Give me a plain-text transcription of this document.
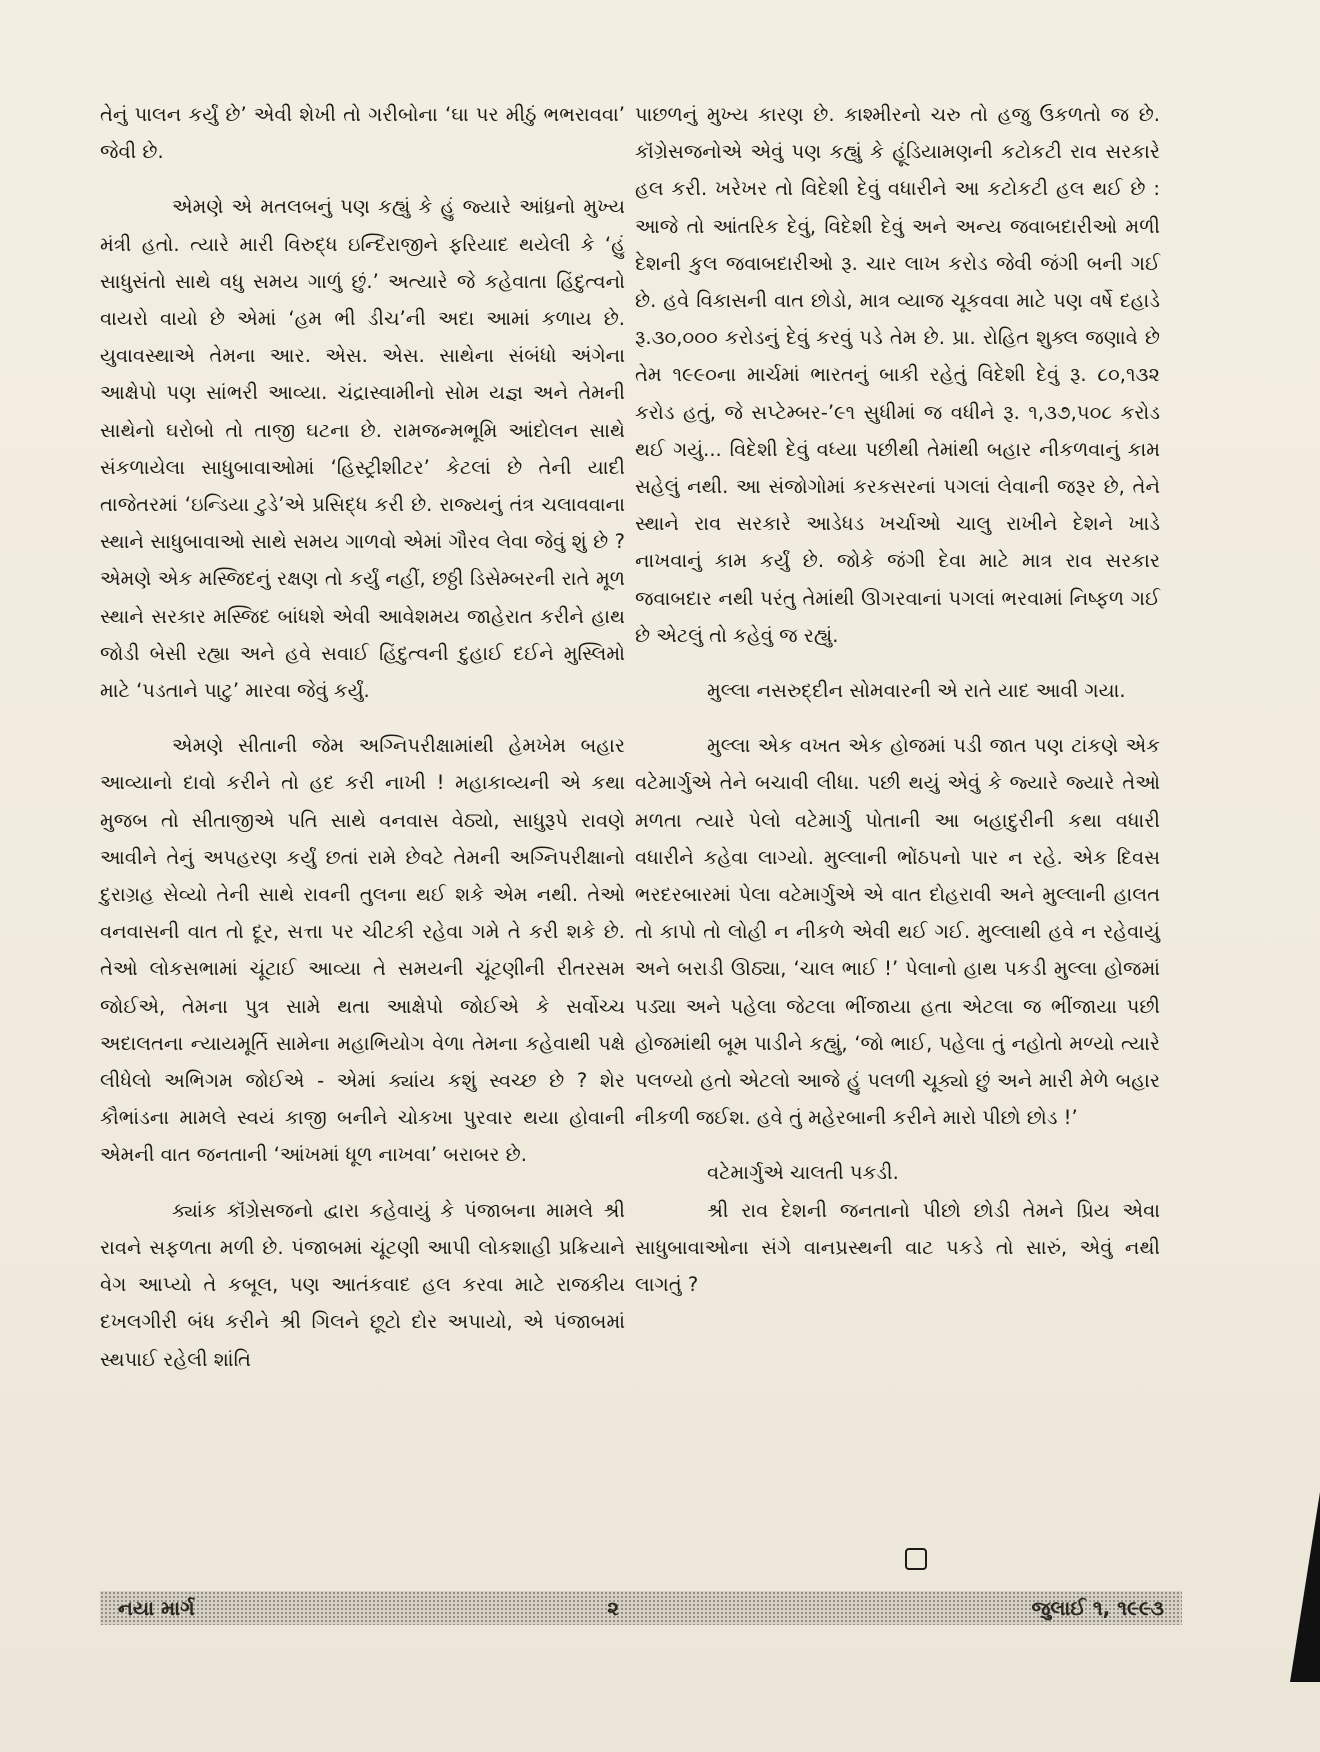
તેનું પાલન કર્યું છે’ એવી શેખી તો ગરીબોના ‘ઘા પર મીઠું ભભરાવવા’ જેવી છે.

એમણે એ મતલબનું પણ કહ્યું કે હું જ્યારે આંધ્રનો મુખ્ય મંત્રી હતો. ત્યારે મારી વિરુદ્ધ ઇન્દિરાજીને ફરિયાદ થયેલી કે ‘હું સાધુસંતો સાથે વધુ સમય ગાળું છું.’ અત્યારે જે કહેવાતા હિંદુત્વનો વાયરો વાયો છે એમાં ‘હમ ભી ડીચ’ની અદા આમાં કળાય છે. યુવાવસ્થાએ તેમના આર. એસ. એસ. સાથેના સંબંધો અંગેના આક્ષેપો પણ સાંભરી આવ્યા. ચંદ્રાસ્વામીનો સોમ યજ્ઞ અને તેમની સાથેનો ઘરોબો તો તાજી ઘટના છે. રામજન્મભૂમિ આંદોલન સાથે સંકળાયેલા સાધુબાવાઓમાં ‘હિસ્ટ્રીશીટર’ કેટલાં છે તેની યાદી તાજેતરમાં ‘ઇન્ડિયા ટુડે’એ પ્રસિદ્ધ કરી છે. રાજ્યનું તંત્ર ચલાવવાના સ્થાને સાધુબાવાઓ સાથે સમય ગાળવો એમાં ગૌરવ લેવા જેવું શું છે ? એમણે એક મસ્જિદનું રક્ષણ તો કર્યું નહીં, છઠ્ઠી ડિસેમ્બરની રાતે મૂળ સ્થાને સરકાર મસ્જિદ બાંધશે એવી આવેશમય જાહેરાત કરીને હાથ જોડી બેસી રહ્યા અને હવે સવાઈ હિંદુત્વની દુહાઈ દઈને મુસ્લિમો માટે ‘પડતાને પાટુ’ મારવા જેવું કર્યું.

એમણે સીતાની જેમ અગ્નિપરીક્ષામાંથી હેમખેમ બહાર આવ્યાનો દાવો કરીને તો હદ કરી નાખી ! મહાકાવ્યની એ કથા મુજબ તો સીતાજીએ પતિ સાથે વનવાસ વેઠ્યો, સાધુરૂપે રાવણે આવીને તેનું અપહરણ કર્યું છતાં રામે છેવટે તેમની અગ્નિપરીક્ષાનો દુરાગ્રહ સેવ્યો તેની સાથે રાવની તુલના થઈ શકે એમ નથી. તેઓ વનવાસની વાત તો દૂર, સત્તા પર ચીટકી રહેવા ગમે તે કરી શકે છે. તેઓ લોકસભામાં ચૂંટાઈ આવ્યા તે સમયની ચૂંટણીની રીતરસમ જોઈએ, તેમના પુત્ર સામે થતા આક્ષેપો જોઈએ કે સર્વોચ્ચ અદાલતના ન્યાયમૂર્તિ સામેના મહાભિયોગ વેળા તેમના કહેવાથી પક્ષે લીધેલો અભિગમ જોઈએ - એમાં ક્યાંય કશું સ્વચ્છ છે ? શેર કૌભાંડના મામલે સ્વયં કાજી બનીને ચોકખા પુરવાર થયા હોવાની એમની વાત જનતાની ‘આંખમાં ધૂળ નાખવા’ બરાબર છે.

ક્યાંક કૉંગ્રેસજનો દ્વારા કહેવાયું કે પંજાબના મામલે શ્રી રાવને સફળતા મળી છે. પંજાબમાં ચૂંટણી આપી લોકશાહી પ્રક્રિયાને વેગ આપ્યો તે કબૂલ, પણ આતંકવાદ હલ કરવા માટે રાજકીય દખલગીરી બંધ કરીને શ્રી ગિલને છૂટો દોર અપાયો, એ પંજાબમાં સ્થપાઈ રહેલી શાંતિ

પાછળનું મુખ્ય કારણ છે. કાશ્મીરનો ચરુ તો હજુ ઉકળતો જ છે. કૉંગ્રેસજનોએ એવું પણ કહ્યું કે હૂંડિયામણની કટોકટી રાવ સરકારે હલ કરી. ખરેખર તો વિદેશી દેવું વધારીને આ કટોકટી હલ થઈ છે : આજે તો આંતરિક દેવું, વિદેશી દેવું અને અન્ય જવાબદારીઓ મળી દેશની કુલ જવાબદારીઓ રૂ. ચાર લાખ કરોડ જેવી જંગી બની ગઈ છે. હવે વિકાસની વાત છોડો, માત્ર વ્યાજ ચૂકવવા માટે પણ વર્ષે દહાડે રૂ.૩૦,૦૦૦ કરોડનું દેવું કરવું પડે તેમ છે. પ્રા. રોહિત શુક્લ જણાવે છે તેમ ૧૯૯૦ના માર્ચમાં ભારતનું બાકી રહેતું વિદેશી દેવું રૂ. ૮૦,૧૩૨ કરોડ હતું, જે સપ્ટેમ્બર-’૯૧ સુધીમાં જ વધીને રૂ. ૧,૩૭,૫૦૮ કરોડ થઈ ગયું... વિદેશી દેવું વધ્યા પછીથી તેમાંથી બહાર નીકળવાનું કામ સહેલું નથી. આ સંજોગોમાં કરકસરનાં પગલાં લેવાની જરૂર છે, તેને સ્થાને રાવ સરકારે આડેધડ ખર્ચાઓ ચાલુ રાખીને દેશને ખાડે નાખવાનું કામ કર્યું છે. જોકે જંગી દેવા માટે માત્ર રાવ સરકાર જવાબદાર નથી પરંતુ તેમાંથી ઊગરવાનાં પગલાં ભરવામાં નિષ્ફળ ગઈ છે એટલું તો કહેવું જ રહ્યું.

મુલ્લા નસરુદ્દીન સોમવારની એ રાતે યાદ આવી ગયા.

મુલ્લા એક વખત એક હોજમાં પડી જાત પણ ટાંકણે એક વટેમાર્ગુએ તેને બચાવી લીધા. પછી થયું એવું કે જ્યારે જ્યારે તેઓ મળતા ત્યારે પેલો વટેમાર્ગુ પોતાની આ બહાદુરીની કથા વધારી વધારીને કહેવા લાગ્યો. મુલ્લાની ભોંઠપનો પાર ન રહે. એક દિવસ ભરદરબારમાં પેલા વટેમાર્ગુએ એ વાત દોહરાવી અને મુલ્લાની હાલત તો કાપો તો લોહી ન નીકળે એવી થઈ ગઈ. મુલ્લાથી હવે ન રહેવાયું અને બરાડી ઊઠ્યા, ‘ચાલ ભાઈ !’ પેલાનો હાથ પકડી મુલ્લા હોજમાં પડ્યા અને પહેલા જેટલા ભીંજાયા હતા એટલા જ ભીંજાયા પછી હોજમાંથી બૂમ પાડીને કહ્યું, ‘જો ભાઈ, પહેલા તું નહોતો મળ્યો ત્યારે પલળ્યો હતો એટલો આજે હું પલળી ચૂક્યો છું અને મારી મેળે બહાર નીકળી જઈશ. હવે તું મહેરબાની કરીને મારો પીછો છોડ !’

વટેમાર્ગુએ ચાલતી પકડી.

શ્રી રાવ દેશની જનતાનો પીછો છોડી તેમને પ્રિય એવા સાધુબાવાઓના સંગે વાનપ્રસ્થની વાટ પકડે તો સારું, એવું નથી લાગતું ?

નયા માર્ગ	૨	જુલાઈ ૧, ૧૯૯૩
